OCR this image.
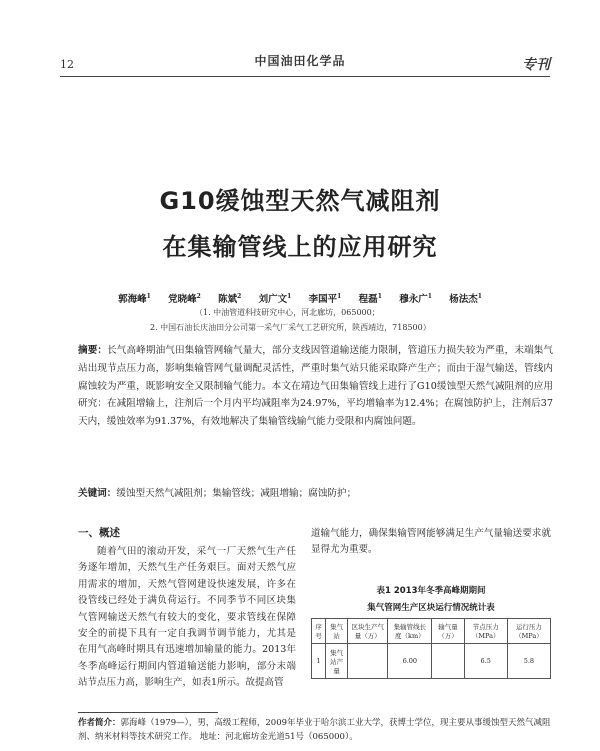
12	中国油田化学品	专刊
G10缓蚀型天然气减阻剂
在集输管线上的应用研究
郭海峰$^1$ 党晓峰$^2$ 陈斌$^2$ 刘广文$^1$ 李国平$^1$ 程磊$^1$ 穆永广$^1$ 杨法杰$^1$
（1. 中油管道科技研究中心，河北廊坊，065000；
2. 中国石油长庆油田分公司第一采气厂采气工艺研究所，陕西靖边，718500）
摘要：长气高峰期油气田集输管网输气量大，部分支线因管道输送能力限制，管道压力损失较为严重，末端集气站出现节点压力高，影响集输管网气量调配灵活性，严重时集气站只能采取降产生产；而由于湿气输送，管线内腐蚀较为严重，既影响安全又限制输气能力。本文在靖边气田集输管线上进行了G10缓蚀型天然气减阻剂的应用研究：在减阻增输上，注剂后一个月内平均减阻率为24.97%，平均增输率为12.4%；在腐蚀防护上，注剂后37天内，缓蚀效率为91.37%，有效地解决了集输管线输气能力受限和内腐蚀问题。
关键词：缓蚀型天然气减阻剂；集输管线；减阻增输；腐蚀防护；
一、概述
随着气田的滚动开发，采气一厂天然气生产任务逐年增加，天然气生产任务艰巨。面对天然气应用需求的增加，天然气管网建设快速发展，许多在役管线已经处于满负荷运行。不同季节不同区块集气管网输送天然气有较大的变化，要求管线在保障安全的前提下具有一定自我调节调节能力，尤其是在用气高峰时期具有迅速增加输量的能力。2013年冬季高峰运行期间内管道输送能力影响，部分末端站节点压力高，影响生产，如表1所示。故提高管
道输气能力，确保集输管网能够满足生产气量输送要求就显得尤为重要。
表1 2013年冬季高峰期期间
集气管网生产区块运行情况统计表
序号	集气站	区块生产气量（万）	集输管线长度（km）	输气量（万）	节点压力（MPa）	运行压力（MPa）
1	集气站产量		6.00		6.5	5.8
作者简介：郭海峰（1979—），男，高级工程师，2009年毕业于哈尔滨工业大学，获博士学位，现主要从事缓蚀型天然气减阻剂、纳米材料等技术研究工作。 地址：河北廊坊金光道51号（065000）。
